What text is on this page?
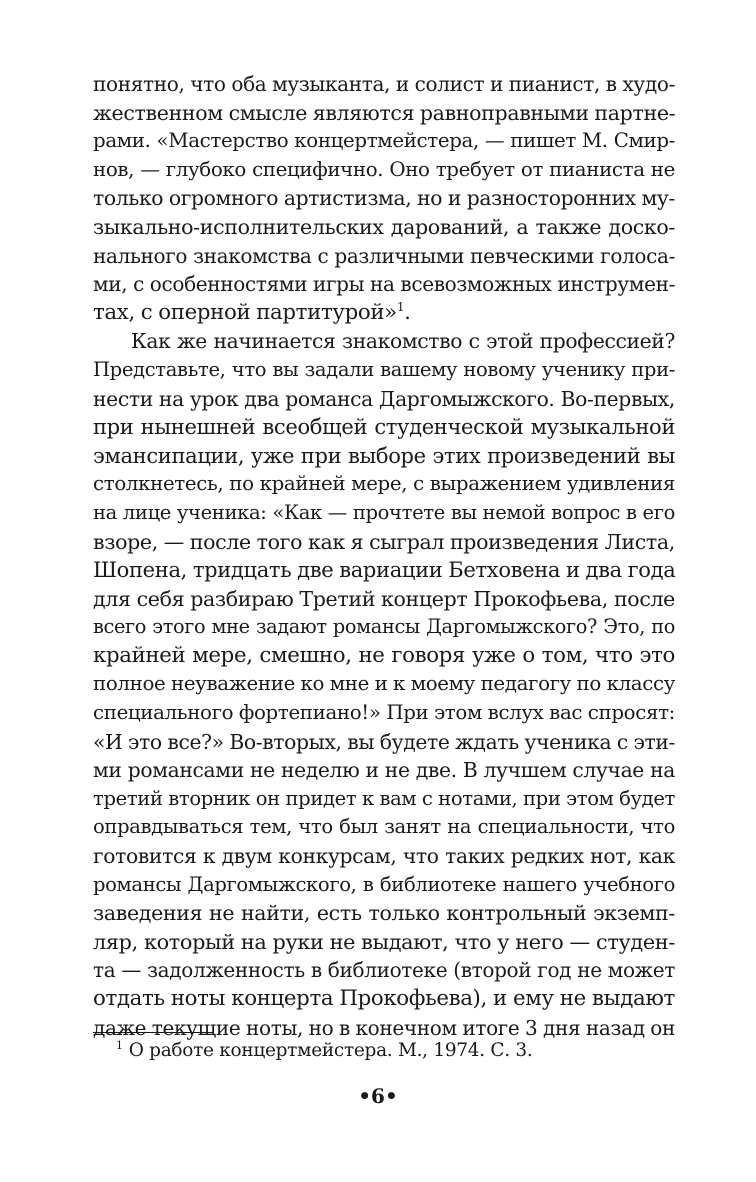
понятно, что оба музыканта, и солист и пианист, в худо-
жественном смысле являются равноправными партне-
рами. «Мастерство концертмейстера, — пишет М. Смир-
нов, — глубоко специфично. Оно требует от пианиста не
только огромного артистизма, но и разносторонних му-
зыкально-исполнительских дарований, а также доско-
нального знакомства с различными певческими голоса-
ми, с особенностями игры на всевозможных инструмен-
тах, с оперной партитурой»$^1$.
Как же начинается знакомство с этой профессией?
Представьте, что вы задали вашему новому ученику при-
нести на урок два романса Даргомыжского. Во-первых,
при нынешней всеобщей студенческой музыкальной
эмансипации, уже при выборе этих произведений вы
столкнетесь, по крайней мере, с выражением удивления
на лице ученика: «Как — прочтете вы немой вопрос в его
взоре, — после того как я сыграл произведения Листа,
Шопена, тридцать две вариации Бетховена и два года
для себя разбираю Третий концерт Прокофьева, после
всего этого мне задают романсы Даргомыжского? Это, по
крайней мере, смешно, не говоря уже о том, что это
полное неуважение ко мне и к моему педагогу по классу
специального фортепиано!» При этом вслух вас спросят:
«И это все?» Во-вторых, вы будете ждать ученика с эти-
ми романсами не неделю и не две. В лучшем случае на
третий вторник он придет к вам с нотами, при этом будет
оправдываться тем, что был занят на специальности, что
готовится к двум конкурсам, что таких редких нот, как
романсы Даргомыжского, в библиотеке нашего учебного
заведения не найти, есть только контрольный экземп-
ляр, который на руки не выдают, что у него — студен-
та — задолженность в библиотеке (второй год не может
отдать ноты концерта Прокофьева), и ему не выдают
даже текущие ноты, но в конечном итоге 3 дня назад он
$^1$ О работе концертмейстера. М., 1974. С. 3.
•6•
